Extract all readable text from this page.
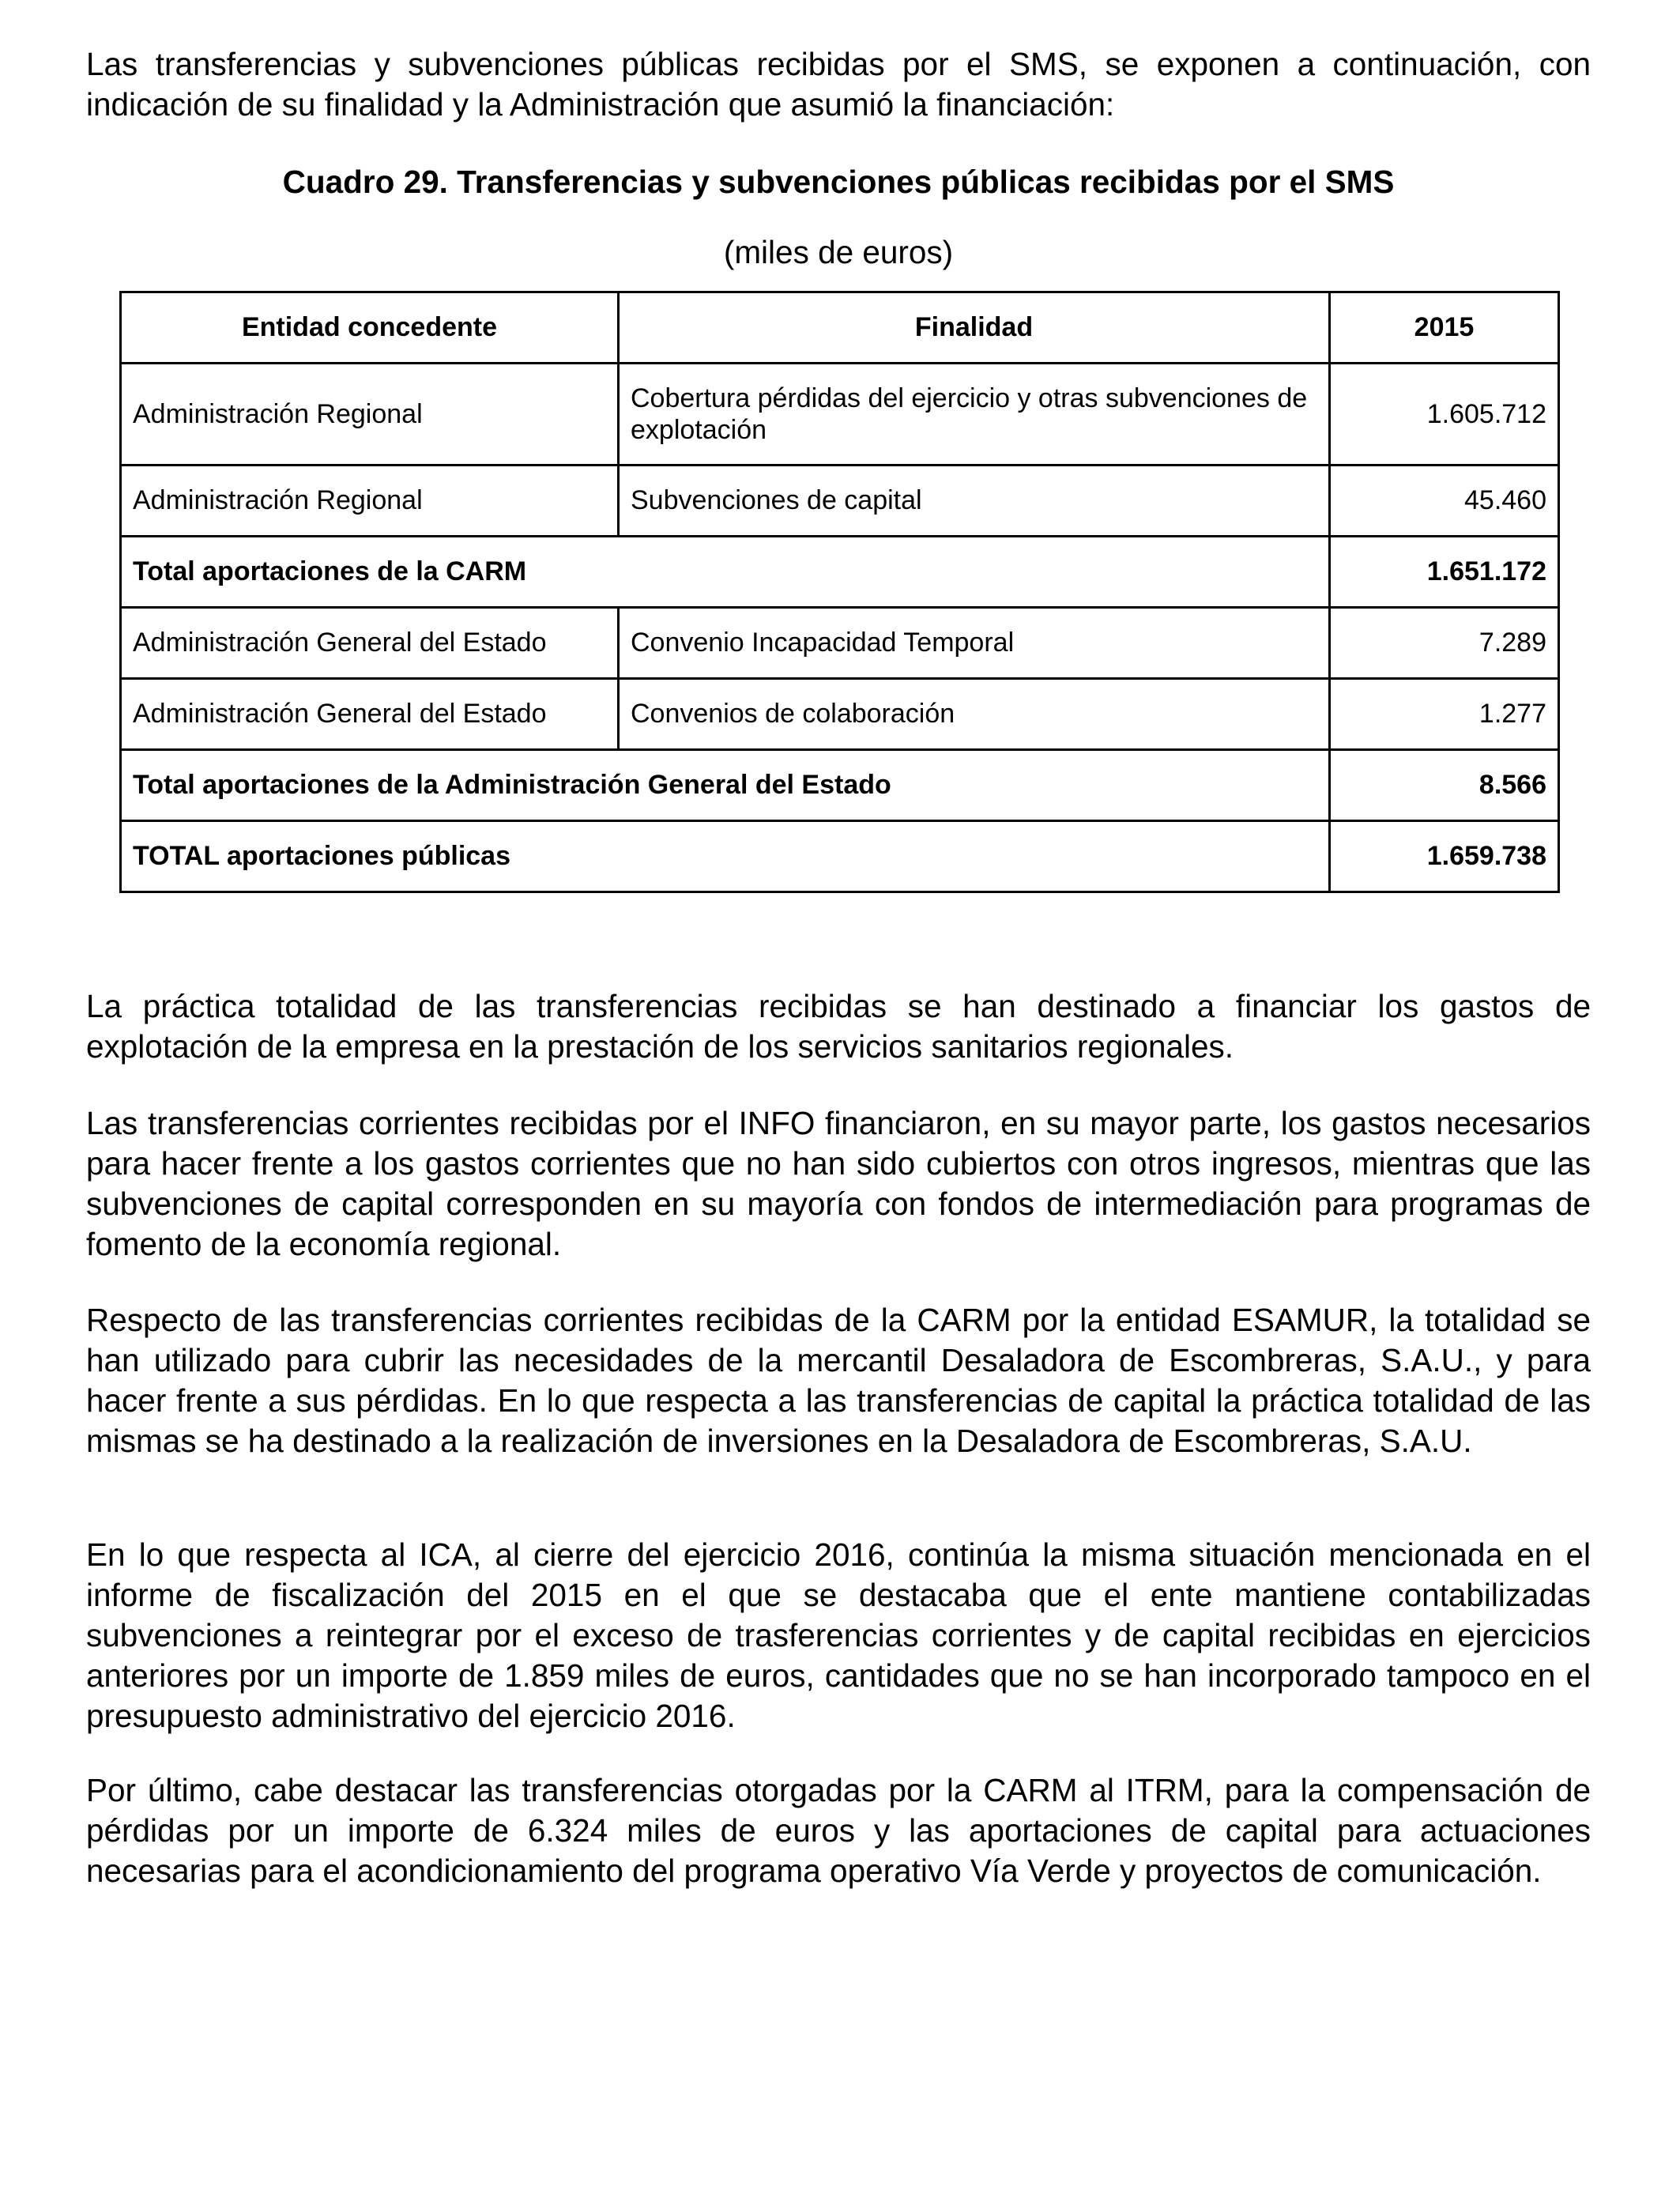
Las transferencias y subvenciones públicas recibidas por el SMS, se exponen a continuación, con indicación de su finalidad y la Administración que asumió la financiación:

Cuadro 29. Transferencias y subvenciones públicas recibidas por el SMS
(miles de euros)
Entidad concedente	Finalidad	2015
Administración Regional	Cobertura pérdidas del ejercicio y otras subvenciones de explotación	1.605.712
Administración Regional	Subvenciones de capital	45.460
Total aportaciones de la CARM		1.651.172
Administración General del Estado	Convenio Incapacidad Temporal	7.289
Administración General del Estado	Convenios de colaboración	1.277
Total aportaciones de la Administración General del Estado		8.566
TOTAL aportaciones públicas		1.659.738

La práctica totalidad de las transferencias recibidas se han destinado a financiar los gastos de explotación de la empresa en la prestación de los servicios sanitarios regionales.

Las transferencias corrientes recibidas por el INFO financiaron, en su mayor parte, los gastos necesarios para hacer frente a los gastos corrientes que no han sido cubiertos con otros ingresos, mientras que las subvenciones de capital corresponden en su mayoría con fondos de intermediación para programas de fomento de la economía regional.

Respecto de las transferencias corrientes recibidas de la CARM por la entidad ESAMUR, la totalidad se han utilizado para cubrir las necesidades de la mercantil Desaladora de Escombreras, S.A.U., y para hacer frente a sus pérdidas. En lo que respecta a las transferencias de capital la práctica totalidad de las mismas se ha destinado a la realización de inversiones en la Desaladora de Escombreras, S.A.U.

En lo que respecta al ICA, al cierre del ejercicio 2016, continúa la misma situación mencionada en el informe de fiscalización del 2015 en el que se destacaba que el ente mantiene contabilizadas subvenciones a reintegrar por el exceso de trasferencias corrientes y de capital recibidas en ejercicios anteriores por un importe de 1.859 miles de euros, cantidades que no se han incorporado tampoco en el presupuesto administrativo del ejercicio 2016.

Por último, cabe destacar las transferencias otorgadas por la CARM al ITRM, para la compensación de pérdidas por un importe de 6.324 miles de euros y las aportaciones de capital para actuaciones necesarias para el acondicionamiento del programa operativo Vía Verde y proyectos de comunicación.
